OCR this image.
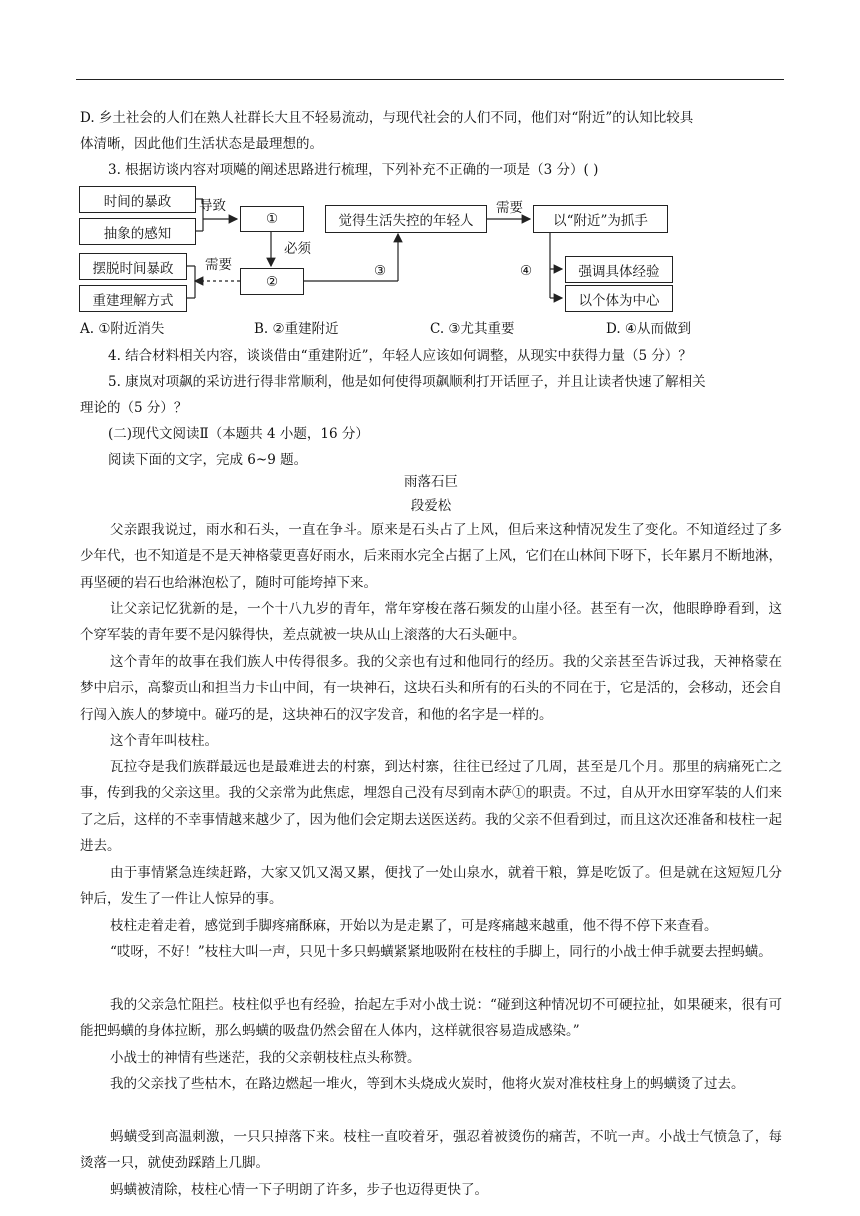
D. 乡土社会的人们在熟人社群长大且不轻易流动，与现代社会的人们不同，他们对“附近”的认知比较具
体清晰，因此他们生活状态是最理想的。
3. 根据访谈内容对项飚的阐述思路进行梳理，下列补充不正确的一项是（3 分）( )
时间的暴政
抽象的感知
①
②
摆脱时间暴政
重建理解方式
觉得生活失控的年轻人	以“附近”为抓手
强调具体经验
以个体为中心
导致
必须
需要
需要
③	④
A. ①附近消失	B. ②重建附近	C. ③尤其重要	D. ④从而做到
4. 结合材料相关内容，谈谈借由“重建附近”，年轻人应该如何调整，从现实中获得力量（5 分）？
5. 康岚对项飙的采访进行得非常顺利，他是如何使得项飙顺利打开话匣子，并且让读者快速了解相关
理论的（5 分）？
(二)现代文阅读Ⅱ（本题共 4 小题，16 分）
阅读下面的文字，完成 6~9 题。
雨落石巨
段爱松
父亲跟我说过，雨水和石头，一直在争斗。原来是石头占了上风，但后来这种情况发生了变化。不知道经过了多少年代，也不知道是不是天神格蒙更喜好雨水，后来雨水完全占据了上风，它们在山林间下呀下，长年累月不断地淋，再坚硬的岩石也给淋泡松了，随时可能垮掉下来。
让父亲记忆犹新的是，一个十八九岁的青年，常年穿梭在落石频发的山崖小径。甚至有一次，他眼睁睁看到，这个穿军装的青年要不是闪躲得快，差点就被一块从山上滚落的大石头砸中。
这个青年的故事在我们族人中传得很多。我的父亲也有过和他同行的经历。我的父亲甚至告诉过我，天神格蒙在梦中启示，高黎贡山和担当力卡山中间，有一块神石，这块石头和所有的石头的不同在于，它是活的，会移动，还会自行闯入族人的梦境中。碰巧的是，这块神石的汉字发音，和他的名字是一样的。
这个青年叫枝柱。
瓦拉夺是我们族群最远也是最难进去的村寨，到达村寨，往往已经过了几周，甚至是几个月。那里的病痛死亡之事，传到我的父亲这里。我的父亲常为此焦虑，埋怨自己没有尽到南木萨①的职责。不过，自从开水田穿军装的人们来了之后，这样的不幸事情越来越少了，因为他们会定期去送医送药。我的父亲不但看到过，而且这次还准备和枝柱一起进去。
由于事情紧急连续赶路，大家又饥又渴又累，便找了一处山泉水，就着干粮，算是吃饭了。但是就在这短短几分钟后，发生了一件让人惊异的事。
枝柱走着走着，感觉到手脚疼痛酥麻，开始以为是走累了，可是疼痛越来越重，他不得不停下来查看。
“哎呀，不好！”枝柱大叫一声，只见十多只蚂蟥紧紧地吸附在枝柱的手脚上，同行的小战士伸手就要去捏蚂蟥。
我的父亲急忙阻拦。枝柱似乎也有经验，抬起左手对小战士说：“碰到这种情况切不可硬拉扯，如果硬来，很有可能把蚂蟥的身体拉断，那么蚂蟥的吸盘仍然会留在人体内，这样就很容易造成感染。”
小战士的神情有些迷茫，我的父亲朝枝柱点头称赞。
我的父亲找了些枯木，在路边燃起一堆火，等到木头烧成火炭时，他将火炭对准枝柱身上的蚂蟥烫了过去。
蚂蟥受到高温刺激，一只只掉落下来。枝柱一直咬着牙，强忍着被烫伤的痛苦，不吭一声。小战士气愤急了，每烫落一只，就使劲踩踏上几脚。
蚂蟥被清除，枝柱心情一下子明朗了许多，步子也迈得更快了。
